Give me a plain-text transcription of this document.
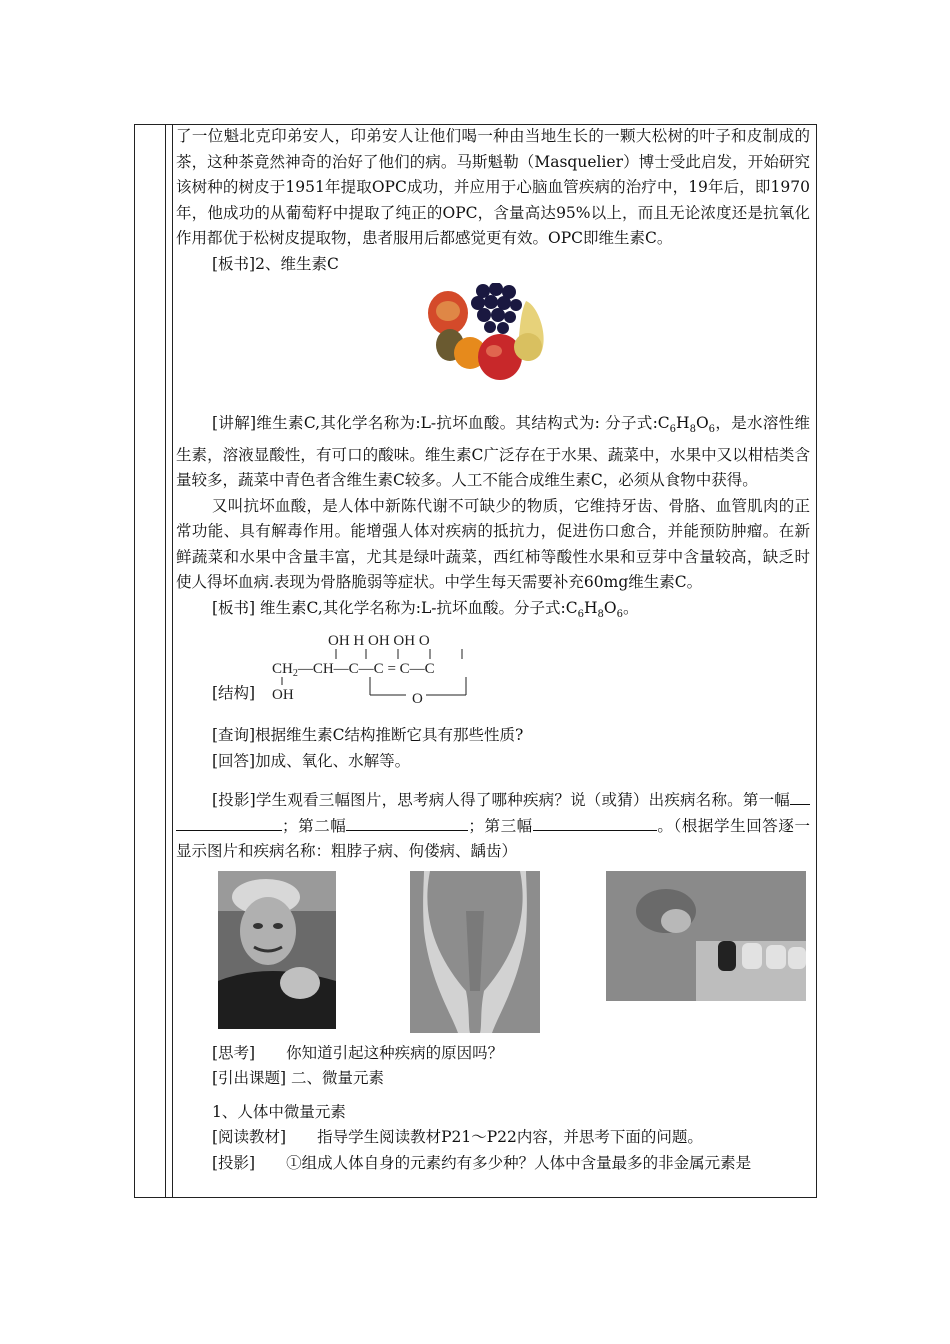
了一位魁北克印弟安人，印弟安人让他们喝一种由当地生长的一颗大松树的叶子和皮制成的茶，这种茶竟然神奇的治好了他们的病。马斯魁勒（Masquelier）博士受此启发，开始研究该树种的树皮于1951年提取OPC成功，并应用于心脑血管疾病的治疗中，19年后，即1970年，他成功的从葡萄籽中提取了纯正的OPC，含量高达95%以上，而且无论浓度还是抗氧化作用都优于松树皮提取物，患者服用后都感觉更有效。OPC即维生素C。

[板书]2、维生素C

[讲解]维生素C,其化学名称为:L-抗坏血酸。其结构式为: 分子式$:C_6H_8O_6$，是水溶性维生素，溶液显酸性，有可口的酸味。维生素C广泛存在于水果、蔬菜中，水果中又以柑桔类含量较多，蔬菜中青色者含维生素C较多。人工不能合成维生素C，必须从食物中获得。

又叫抗坏血酸，是人体中新陈代谢不可缺少的物质，它维持牙齿、骨胳、血管肌肉的正常功能、具有解毒作用。能增强人体对疾病的抵抗力，促进伤口愈合，并能预防肿瘤。在新鲜蔬菜和水果中含量丰富，尤其是绿叶蔬菜，西红柿等酸性水果和豆芽中含量较高，缺乏时使人得坏血病.表现为骨胳脆弱等症状。中学生每天需要补充60mg维生素C。

[板书] 维生素C,其化学名称为:L-抗坏血酸。分子式$:C_6H_8O_6$。

[结构]
OH H OH OH O
$CH_2—CH—C—C$ = C—C
OH	O

[查询]根据维生素C结构推断它具有那些性质?

[回答]加成、氧化、水解等。

[投影]学生观看三幅图片，思考病人得了哪种疾病？说（或猜）出疾病名称。第一幅；第二幅	；第三幅	。（根据学生回答逐一显示图片和疾病名称：粗脖子病、佝偻病、龋齿）

[思考]　　你知道引起这种疾病的原因吗？

[引出课题] 二、微量元素

1、人体中微量元素

[阅读教材]　　指导学生阅读教材P21～P22内容，并思考下面的问题。

[投影]　　①组成人体自身的元素约有多少种？人体中含量最多的非金属元素是
